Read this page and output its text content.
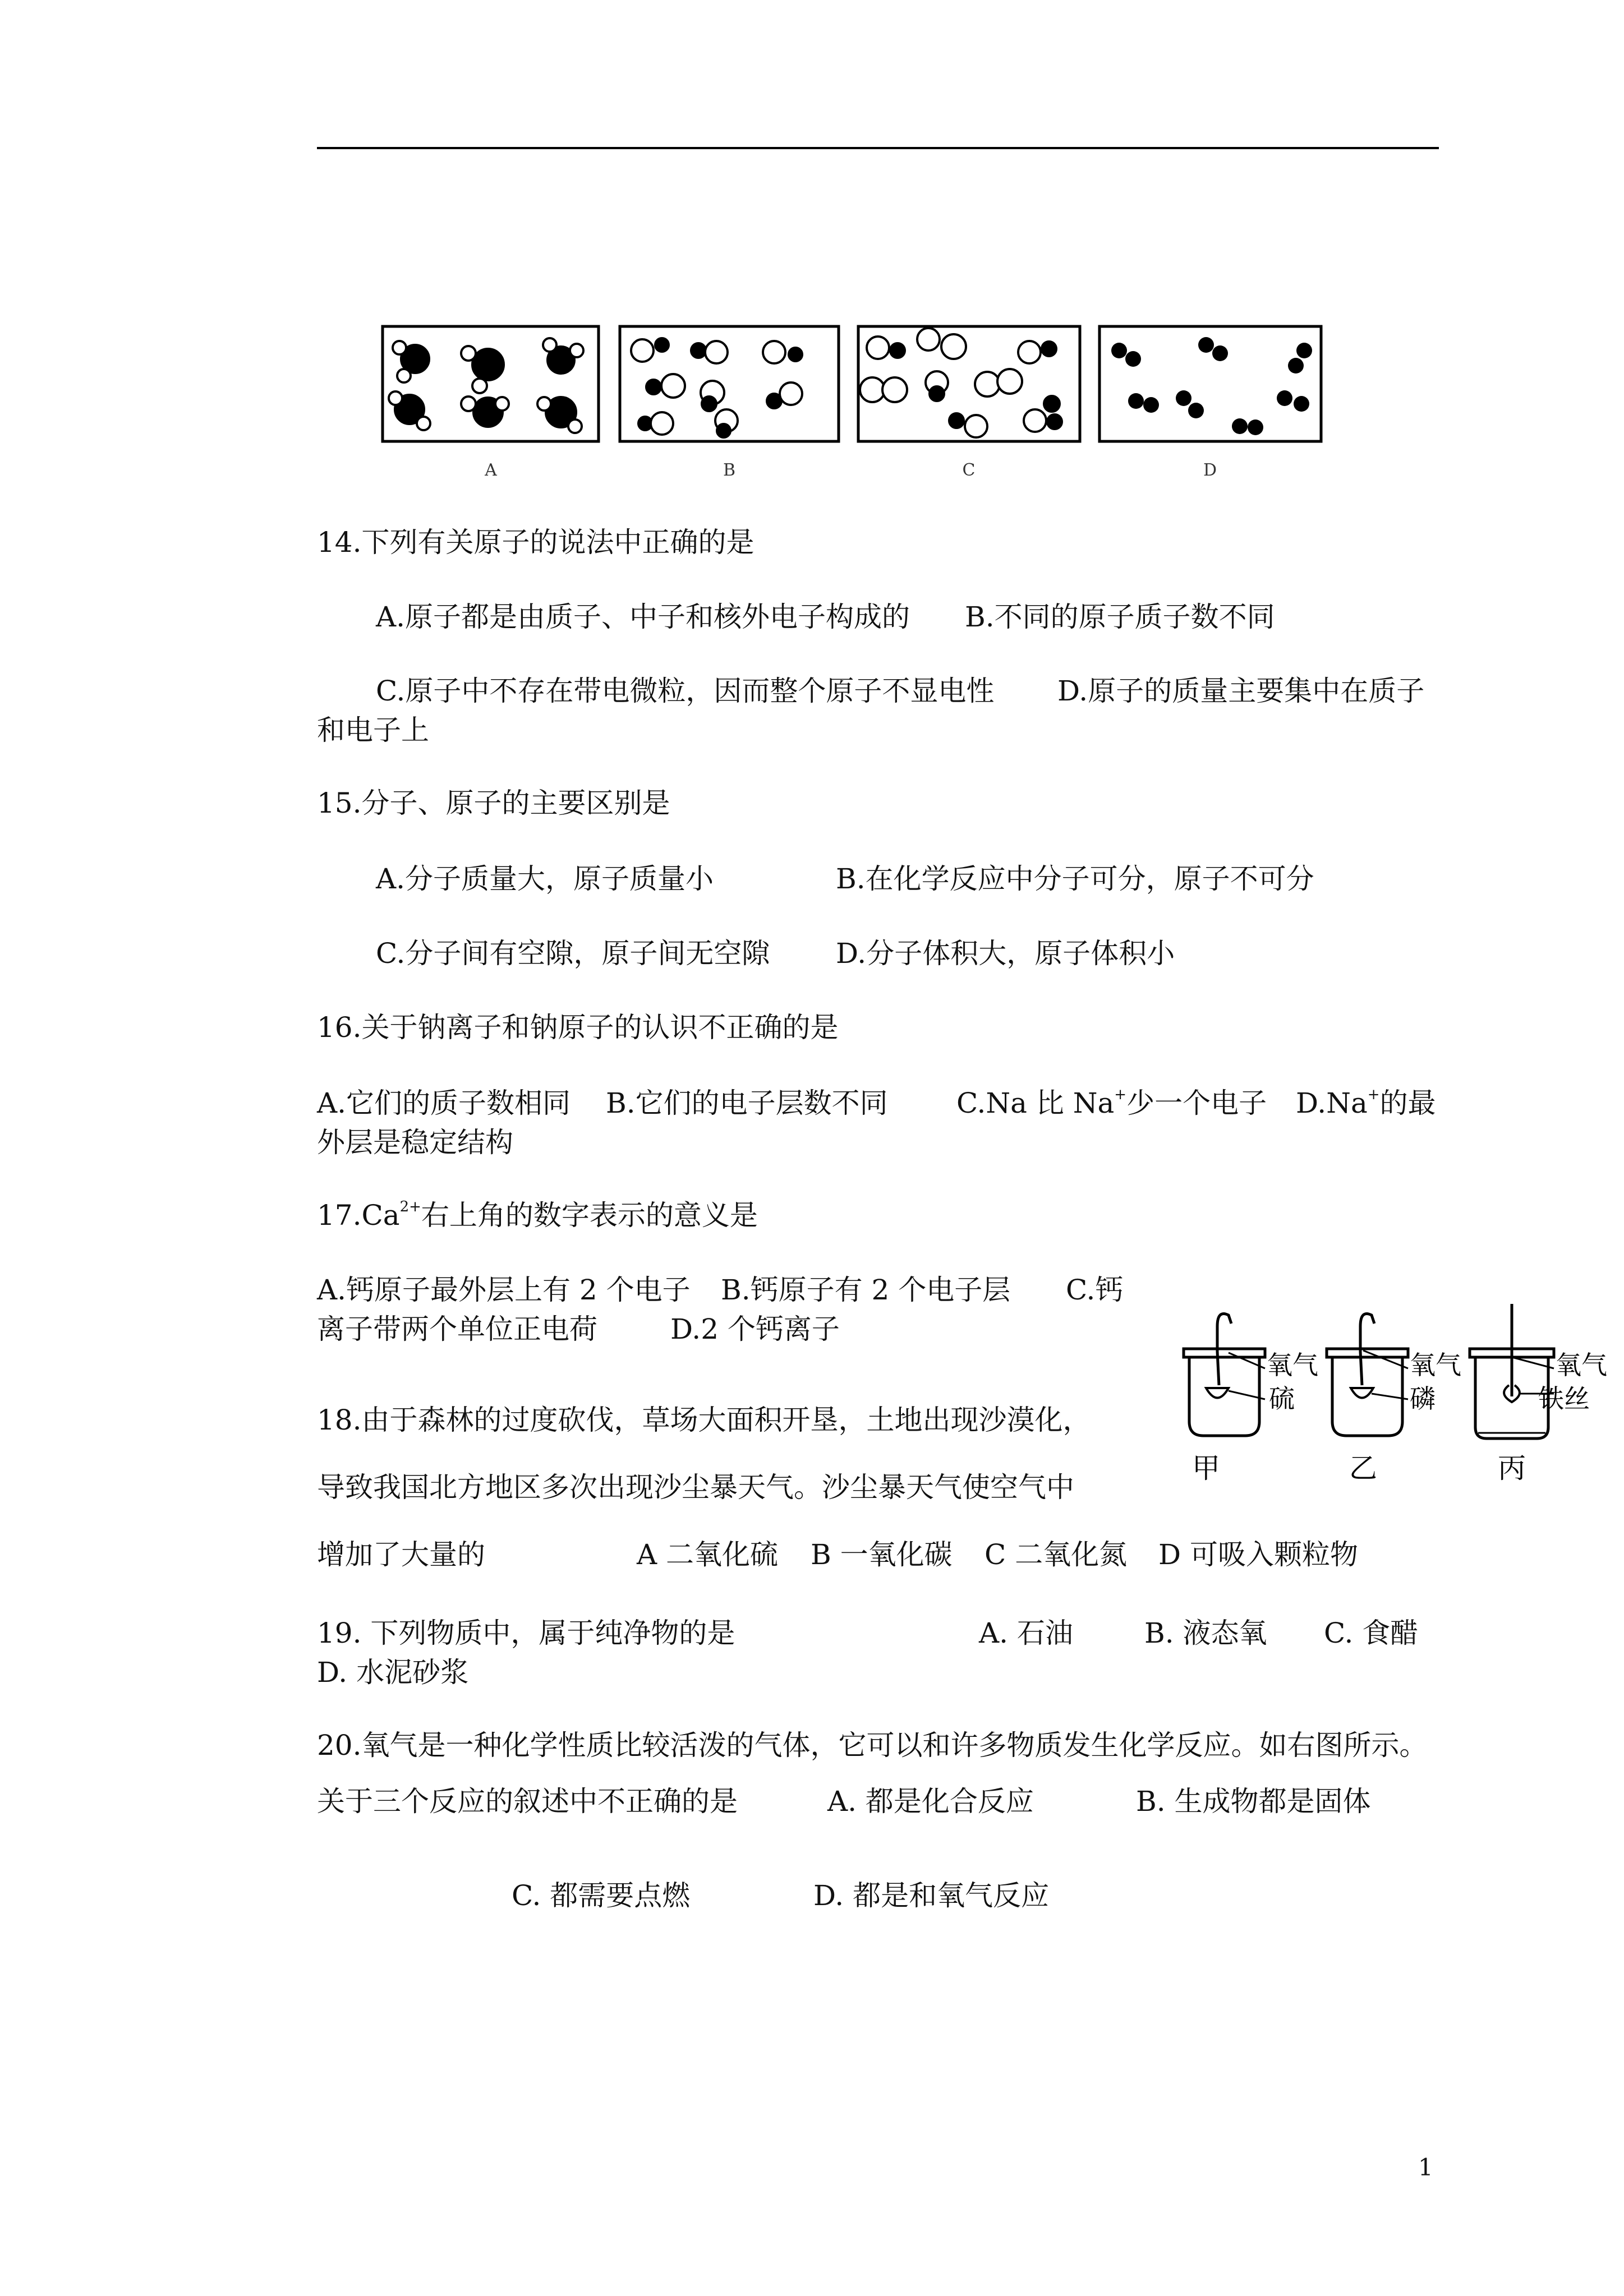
A	B	C	D
14.下列有关原子的说法中正确的是
A.原子都是由质子、中子和核外电子构成的 B.不同的原子质子数不同
C.原子中不存在带电微粒，因而整个原子不显电性 D.原子的质量主要集中在质子
和电子上
15.分子、原子的主要区别是
A.分子质量大，原子质量小	B.在化学反应中分子可分，原子不可分
C.分子间有空隙，原子间无空隙 D.分子体积大，原子体积小
16.关于钠离子和钠原子的认识不正确的是
A.它们的质子数相同 B.它们的电子层数不同 C.Na 比 Na+少一个电子 D.Na+的最
外层是稳定结构
$17.Ca^{2+}$右上角的数字表示的意义是
A.钙原子最外层上有 2 个电子 B.钙原子有 2 个电子层 C.钙
离子带两个单位正电荷	D.2 个钙离子
18.由于森林的过度砍伐，草场大面积开垦，土地出现沙漠化，
导致我国北方地区多次出现沙尘暴天气。沙尘暴天气使空气中
增加了大量的	A 二氧化硫 B 一氧化碳 C 二氧化氮 D 可吸入颗粒物
氧气
硫
氧气
磷
氧气
铁丝
甲	乙	丙
19. 下列物质中，属于纯净物的是	A. 石油	B. 液态氧 C. 食醋
D. 水泥砂浆
20.氧气是一种化学性质比较活泼的气体，它可以和许多物质发生化学反应。如右图所示。
关于三个反应的叙述中不正确的是	A. 都是化合反应	B. 生成物都是固体
C. 都需要点燃	D. 都是和氧气反应
1
